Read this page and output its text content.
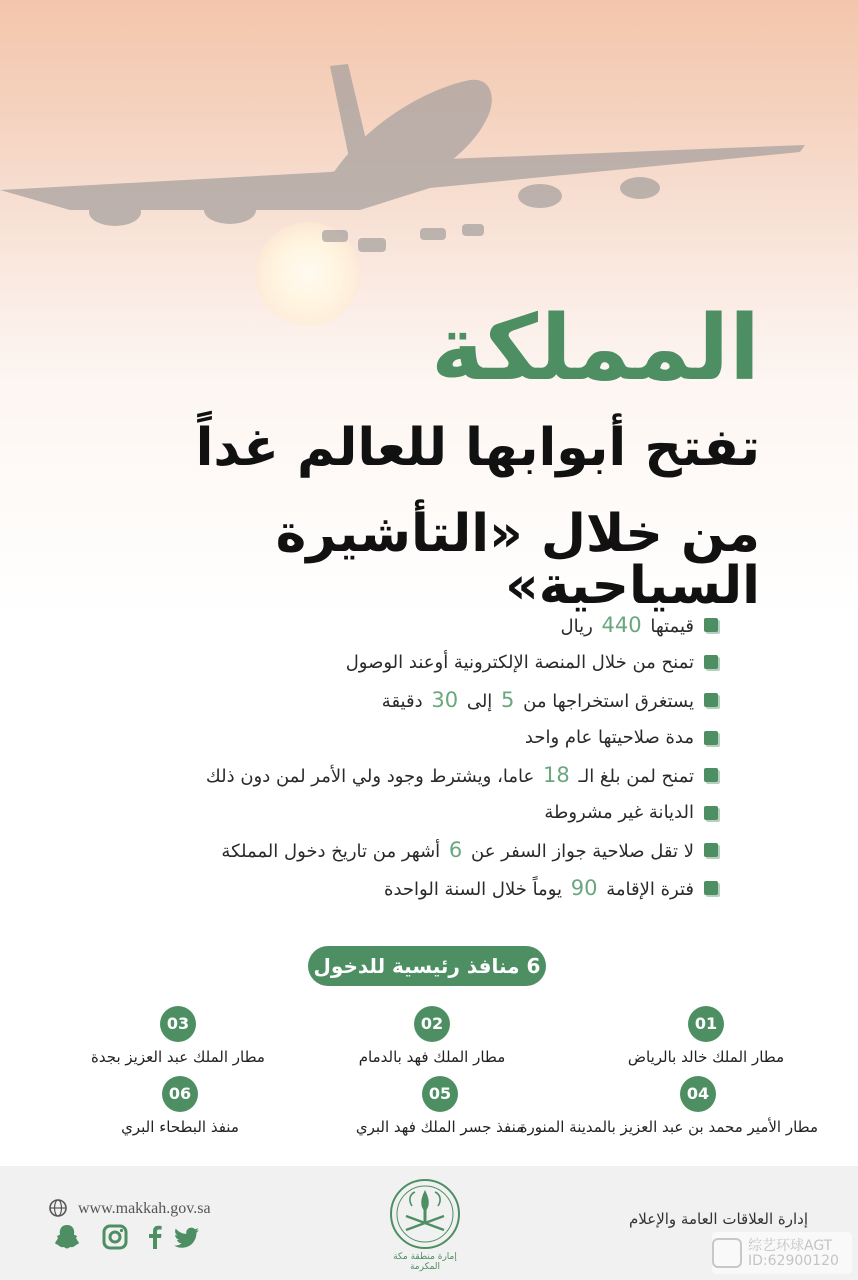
المملكة
تفتح أبوابها للعالم غداً
من خلال «التأشيرة السياحية»
قيمتها 440 ريال
تمنح من خلال المنصة الإلكترونية أوعند الوصول
يستغرق استخراجها من 5 إلى 30 دقيقة
مدة صلاحيتها عام واحد
تمنح لمن بلغ الـ 18 عاما، ويشترط وجود ولي الأمر لمن دون ذلك
الديانة غير مشروطة
لا تقل صلاحية جواز السفر عن 6 أشهر من تاريخ دخول المملكة
فترة الإقامة 90 يوماً خلال السنة الواحدة
6 منافذ رئيسية للدخول
01
مطار الملك خالد بالرياض
02
مطار الملك فهد بالدمام
03
مطار الملك عبد العزيز بجدة
04
مطار الأمير محمد بن عبد العزيز بالمدينة المنورة
05
منفذ جسر الملك فهد البري
06
منفذ البطحاء البري
www.makkah.gov.sa
إمارة منطقة مكة المكرمة
إدارة العلاقات العامة والإعلام
综艺环球AGT
ID:62900120
